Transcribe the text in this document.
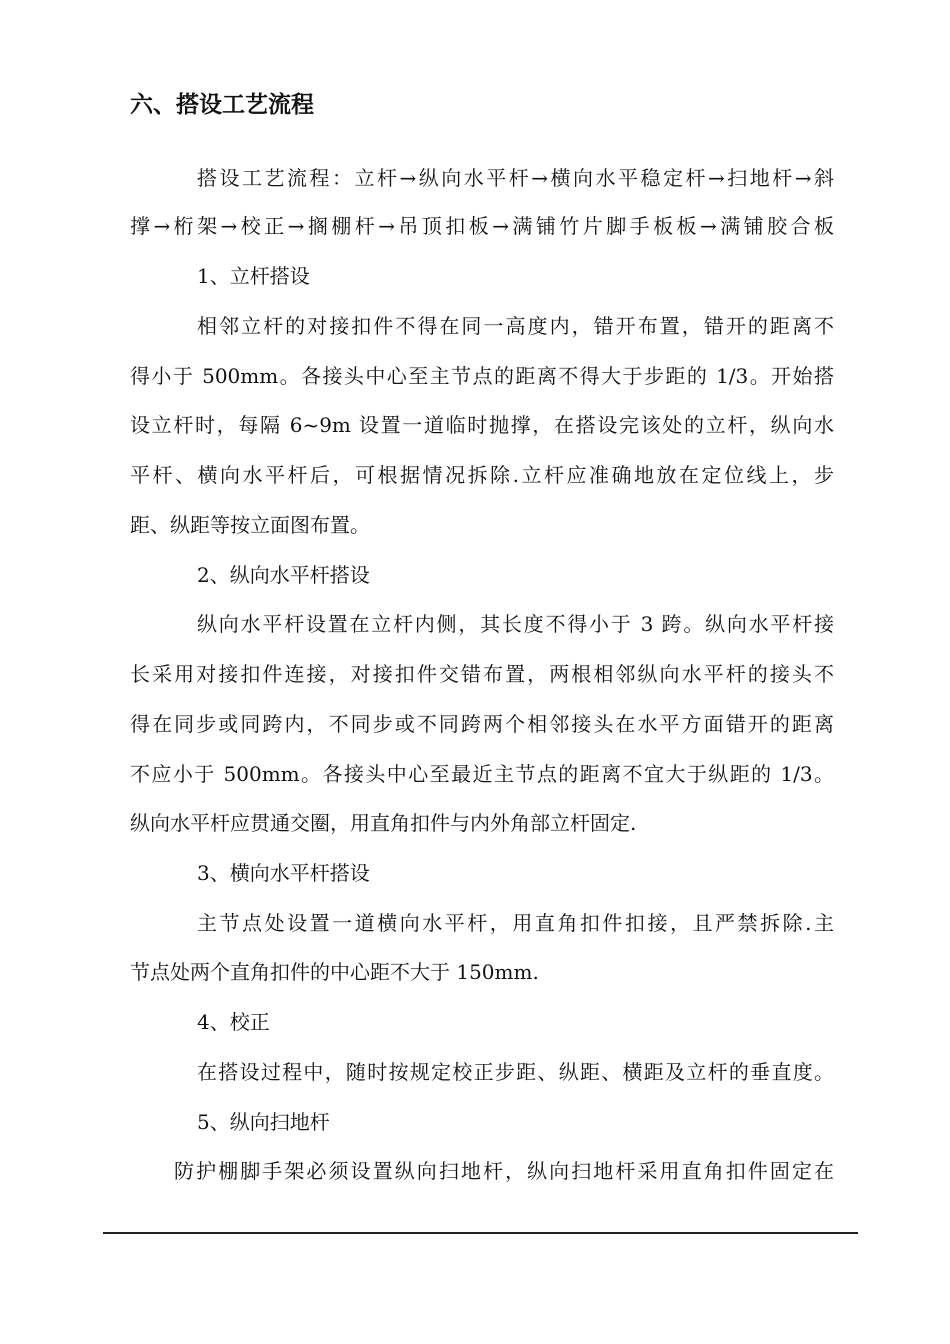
六、搭设工艺流程
搭设工艺流程：立杆→纵向水平杆→横向水平稳定杆→扫地杆→斜
撑→桁架→校正→搁棚杆→吊顶扣板→满铺竹片脚手板板→满铺胶合板
1、立杆搭设
相邻立杆的对接扣件不得在同一高度内，错开布置，错开的距离不
得小于 500mm。各接头中心至主节点的距离不得大于步距的 1/3。开始搭
设立杆时，每隔 6~9m 设置一道临时抛撑，在搭设完该处的立杆，纵向水
平杆、横向水平杆后，可根据情况拆除.立杆应准确地放在定位线上，步
距、纵距等按立面图布置。
2、纵向水平杆搭设
纵向水平杆设置在立杆内侧，其长度不得小于 3 跨。纵向水平杆接
长采用对接扣件连接，对接扣件交错布置，两根相邻纵向水平杆的接头不
得在同步或同跨内，不同步或不同跨两个相邻接头在水平方面错开的距离
不应小于 500mm。各接头中心至最近主节点的距离不宜大于纵距的 1/3。
纵向水平杆应贯通交圈，用直角扣件与内外角部立杆固定.
3、横向水平杆搭设
主节点处设置一道横向水平杆，用直角扣件扣接，且严禁拆除.主
节点处两个直角扣件的中心距不大于 150mm.
4、校正
在搭设过程中，随时按规定校正步距、纵距、横距及立杆的垂直度。
5、纵向扫地杆
防护棚脚手架必须设置纵向扫地杆，纵向扫地杆采用直角扣件固定在
